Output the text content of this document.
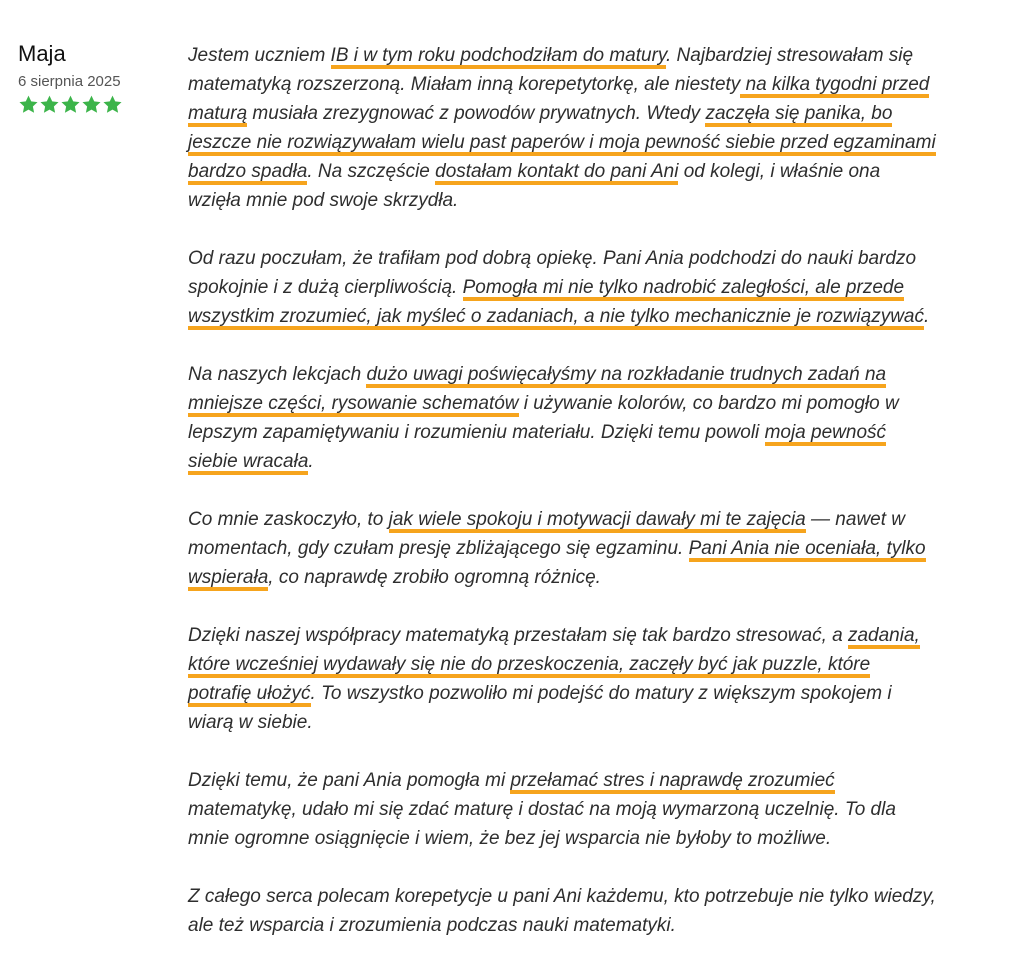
Maja
6 sierpnia 2025

Jestem uczniem IB i w tym roku podchodziłam do matury. Najbardziej stresowałam się matematyką rozszerzoną. Miałam inną korepetytorkę, ale niestety na kilka tygodni przed maturą musiała zrezygnować z powodów prywatnych. Wtedy zaczęła się panika, bo jeszcze nie rozwiązywałam wielu past paperów i moja pewność siebie przed egzaminami bardzo spadła. Na szczęście dostałam kontakt do pani Ani od kolegi, i właśnie ona wzięła mnie pod swoje skrzydła.

Od razu poczułam, że trafiłam pod dobrą opiekę. Pani Ania podchodzi do nauki bardzo spokojnie i z dużą cierpliwością. Pomogła mi nie tylko nadrobić zaległości, ale przede wszystkim zrozumieć, jak myśleć o zadaniach, a nie tylko mechanicznie je rozwiązywać.

Na naszych lekcjach dużo uwagi poświęcałyśmy na rozkładanie trudnych zadań na mniejsze części, rysowanie schematów i używanie kolorów, co bardzo mi pomogło w lepszym zapamiętywaniu i rozumieniu materiału. Dzięki temu powoli moja pewność siebie wracała.

Co mnie zaskoczyło, to jak wiele spokoju i motywacji dawały mi te zajęcia — nawet w momentach, gdy czułam presję zbliżającego się egzaminu. Pani Ania nie oceniała, tylko wspierała, co naprawdę zrobiło ogromną różnicę.

Dzięki naszej współpracy matematyką przestałam się tak bardzo stresować, a zadania, które wcześniej wydawały się nie do przeskoczenia, zaczęły być jak puzzle, które potrafię ułożyć. To wszystko pozwoliło mi podejść do matury z większym spokojem i wiarą w siebie.

Dzięki temu, że pani Ania pomogła mi przełamać stres i naprawdę zrozumieć matematykę, udało mi się zdać maturę i dostać na moją wymarzoną uczelnię. To dla mnie ogromne osiągnięcie i wiem, że bez jej wsparcia nie byłoby to możliwe.

Z całego serca polecam korepetycje u pani Ani każdemu, kto potrzebuje nie tylko wiedzy, ale też wsparcia i zrozumienia podczas nauki matematyki.
